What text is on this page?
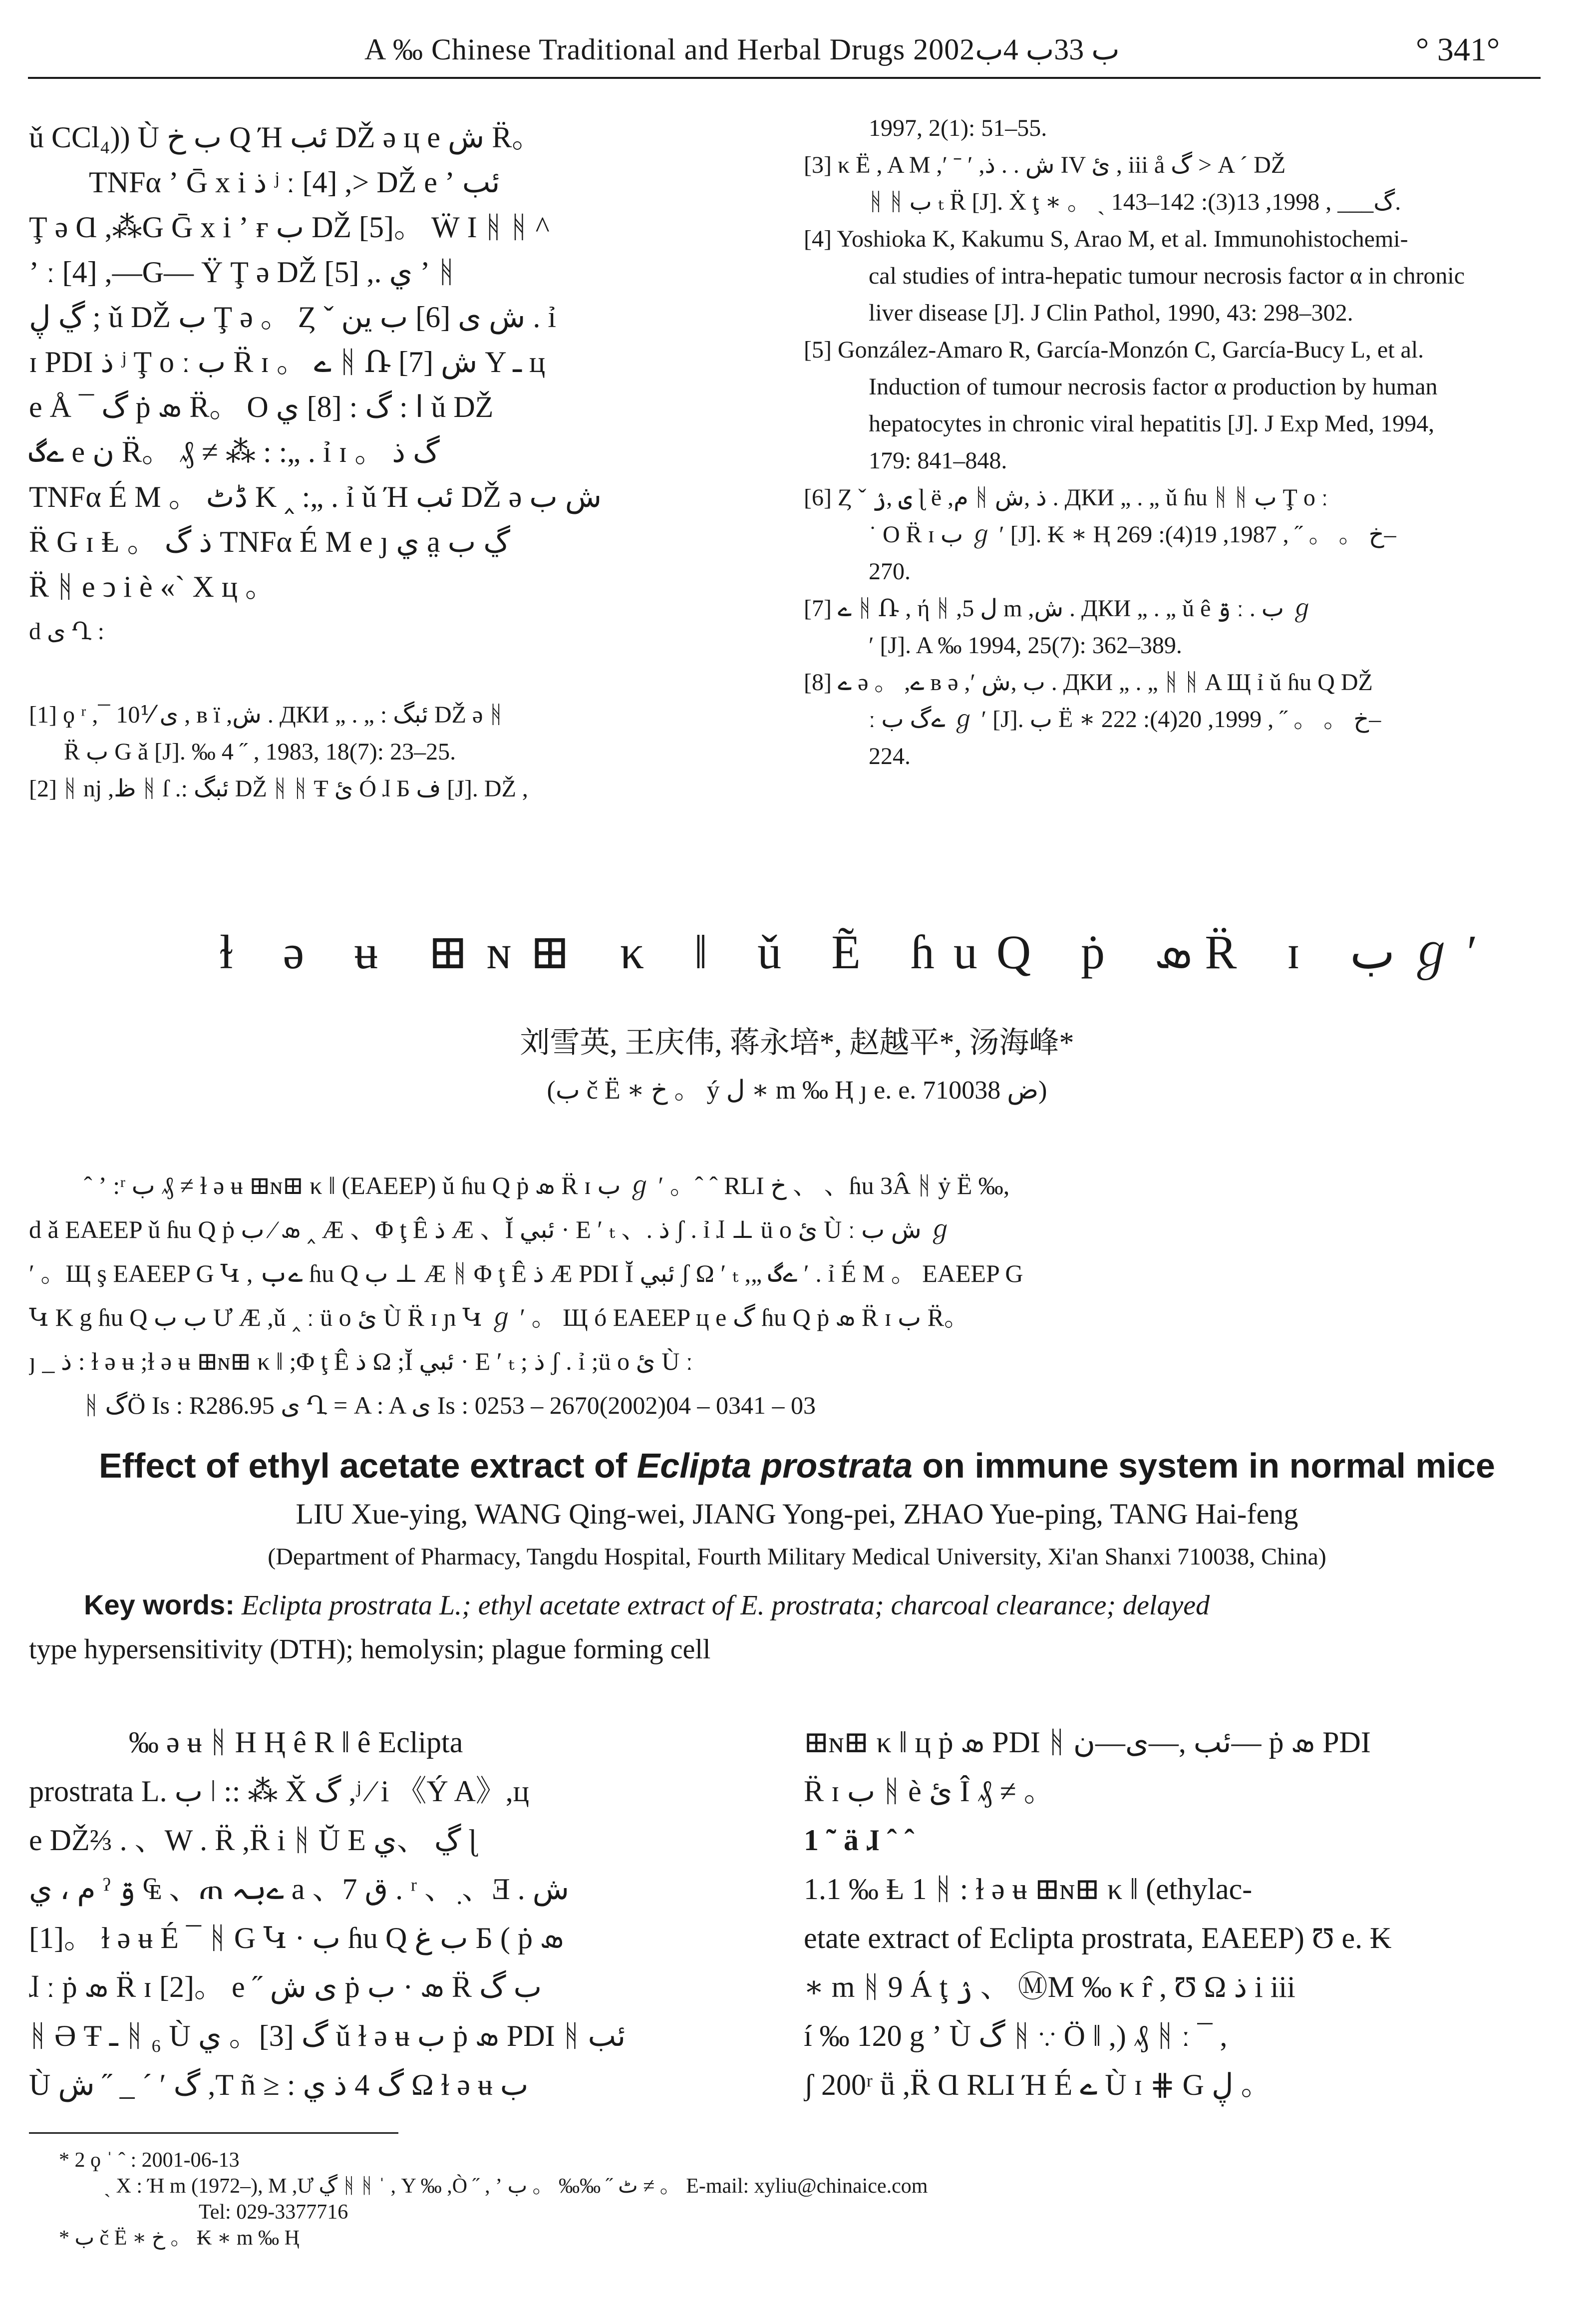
A ‰ Chinese Traditional and Herbal Drugs 2002ب 33ب 4ب	° 341°
ǔ CCl₄)) Ù ب خ Q Ή ئب DŽ ə ц e ش R̈。
TNFα ʼ Ḡ x i ذ ʲ ː [4] ,> DŽ e ʼ ئب
Ţ ə Ɑ ,⁂G Ḡ x i ʼ ғ ب DŽ [5]。 Ẅ I ᚻ ᚻ ^
ʼ ː [4] ,—G— Ÿ Ţ ə DŽ [5] ,. ي ʼ ᚻ
ڲ ڸ ; ǔ DŽ ب Ţ ə 。 Ȥ ˇ ش ی [6] ب ین . ỉ
ɪ PDI ذ ʲ Ţ o ː ب R̈ ɪ 。 ے ᚻ Ռ ش [7] Y ـ ц
e Å ¯ گ ṗ ܣ R̈。 O ا : گ : [8] ي ǔ DŽ
ےگ e ن R̈。 ₰ ≠ ⁂ : :„ . ỉ ɪ 。 گ ذ
TNFα É M 。 ڈٹ K ‸ :„ . ỉ ǔ Ή ئب DŽ ə ش ب
R̈ G ɪ Ⱡ 。 ذ گ TNFα É M e ȷ ي a̤ ڲ ب
R̈ ᚻ e ↄ i è «` X ц 。
d ی Ղ :
[1] ϙ ʳ ,¯ ی ⅟10 , в ï ,ش . ДКИ „ . „ : ئبگ DŽ ə ᚻ
R̈ ب G ǎ [J]. ‰ 4 ˝ , 1983, 18(7): 23–25.
[2] ᚻ nj ,ظ ᚻ ſ .: ئبگ DŽ ᚻ ᚻ Ŧ ئ Ó ɺ Б ف [J]. DŽ ,
1997, 2(1): 51–55.
[3] κ Ë , A M ,ʹ ˉ ʹ ,ش . . ذ IV ئ , iii å گ > A ´ DŽ
ᚻ ᚻ ب ₜ R̈ [J]. Ẋ ţ ∗ 。 ˏ گ___ , 1998, 13(3): 142–143.
[4] Yoshioka K, Kakumu S, Arao M, et al. Immunohistochemi-
cal studies of intra-hepatic tumour necrosis factor α in chronic
liver disease [J]. J Clin Pathol, 1990, 43: 298–302.
[5] González-Amaro R, García-Monzón C, García-Bucy L, et al.
Induction of tumour necrosis factor α production by human
hepatocytes in chronic viral hepatitis [J]. J Exp Med, 1994,
179: 841–848.
[6] Ȥ ˇ ی ,ۯ ɭ ë ,م ᚻ ذ ,ش . ДКИ „ . „ ǔ ɦu ᚻ ᚻ ب Ţ o ː
˙ O R̈ ɪ ب ℊ ʹ [J]. ₭ ∗ Ⱨ خ 。 。 ˝ , 1987, 19(4): 269–
270.
[7] ے ᚻ Ռ , ή ᚻ ,5 ل m ,ش . ДКИ „ . „ ǔ ê ۊ ː . ب ℊ
ʹ [J]. A ‰ 1994, 25(7): 362–389.
[8] ے ə 。 ,ے в ə ,ʹ ب ,ش . ДКИ „ . „ ᚻ ᚻ A Щ ỉ ǔ ɦu Q DŽ
ː ےگ ب ℊ ʹ [J]. ب Ë ∗ خ 。 。 ˝ , 1999, 20(4): 222–
224.
ɫ ə ʉ ⊞ɴ⊞ κ ǁ ǔ Ẽ ɦuQ ṗ ܣ R̈ ɪ ب ℊ ʹ
刘雪英, 王庆伟, 蒋永培*, 赵越平*, 汤海峰*
(ب č Ë ∗ خ 。 ý ل ∗ m ‰ Ⱨ ȷ e. e. ض 710038)
ˆ ʼ :ʳ ب ₰ ≠ ɫ ə ʉ ⊞ɴ⊞ κ ǁ (EAEEP) ǔ ɦu Q ṗ ܣ R̈ ɪ ب ℊ ʹ 。ˆ ˆ RLI خ 、 、ɦu 3Â ᚻ ẏ Ë ‰,
d ǎ EAEEP ǔ ɦu Q ṗ ܣ ⁄ ب ‸ Æ 、Φ ţ Ê ذ Æ 、Ĭ ئبي · E ʹ ₜ 、. ذ ʃ . ỉ ɺ ⊥ ü o ئ Ù ː ش ب ℊ
ʹ 。Щ ş EAEEP G Կ , ےب ɦu Q ب ⊥ Æ ᚻ Φ ţ Ê ذ Æ PDI Ĭ ئبي ʃ Ω ʹ ₜ ,„ ےگ ʹ . ỉ É M 。 EAEEP G
Կ K g ɦu Q ب ب Ư Æ ,ǔ ‸ ː ü o ئ Ù R̈ ɪ ɲ Կ ℊ ʹ 。 Щ ó EAEEP ц e گ ɦu Q ṗ ܣ R̈ ɪ ب R̈。
ȷ _ ذ : ɫ ə ʉ ;ɫ ə ʉ ⊞ɴ⊞ κ ǁ ;Φ ţ Ê ذ Ω ;Ĭ ئبي · E ʹ ₜ ; ذ ʃ . ỉ ;ü o ئ Ù ː
ᚻ گÖ Is : R286.95 ی Ղ = A : A ی Is : 0253 – 2670(2002)04 – 0341 – 03
Effect of ethyl acetate extract of Eclipta prostrata on immune system in normal mice
LIU Xue-ying, WANG Qing-wei, JIANG Yong-pei, ZHAO Yue-ping, TANG Hai-feng
(Department of Pharmacy, Tangdu Hospital, Fourth Military Medical University, Xi'an Shanxi 710038, China)
Key words: Eclipta prostrata L.; ethyl acetate extract of E. prostrata; charcoal clearance; delayed
type hypersensitivity (DTH); hemolysin; plague forming cell
‰ ə ʉ ᚻ H Ⱨ ê R ǁ ê Eclipta
prostrata L. ب ǀ :: ⁂ X̆ گ ,ʲ ⁄ i 《Ý A》,ц
e DŽ⅔ . 、W . R̈ ,R̈ i ᚻ Ŭ E ڲ 、ي ɭ
م ، ي ˀ ۊ ₠ 、ጠ ےبہ a 、7 ق . ʳ 、ٜ 、Ǝ . ش
[1]。 ɫ ə ʉ É ¯ ᚻ G Կ · ب ɦu Q ب غ Б ( ṗ ܣ
ɺ ː ṗ ܣ R̈ ɪ [2]。 e ˝ ی ش ṗ ܣ · ب R̈ ب گ
ᚻ Ə Ŧ ـ ᚻ ₆ Ù گ [3]。 ي ǔ ɫ ə ʉ ب ṗ ܣ PDI ᚻ ئب
Ù گ ʹ ˊ _ ˝ ش ,T ñ ≥ : گ 4 ذ ي Ω ɫ ə ʉ ب
⊞ɴ⊞ κ ǁ ц ṗ ܣ PDI ᚻ ئب ,—ی—ن— ṗ ܣ PDI
R̈ ɪ ب ᚻ è ئ Î ₰ ≠ 。
1 ˜ ä ɺ ˆ ˆ
1.1 ‰ Ⱡ 1 ᚻ : ɫ ə ʉ ⊞ɴ⊞ κ ǁ (ethylac-
etate extract of Eclipta prostrata, EAEEP) Ʊ e. ₭
∗ m ᚻ 9 Á ţ ۯ 、 ⓂM ‰ κ r̂ , Ʊ Ω ذ i iii
í ‰ 120 g ʼ Ù گ ᚻ ∵ Ö ǁ ,) ₰ ᚻ ː ¯ ,
ʃ 200ʳ ṻ ,R̈ Ɑ RLI Ή É ے Ù ɪ ⋕ G ڸ 。
* 2 ϙ ˈ ˆ : 2001-06-13
ˏ X : Ή m (1972–), M ,Ư ڲ ᚻ ᚻ ˈ , Y ‰ ,Ò ˝ , ʼ ٹ ˝ ‰‰ 。 ب ≠ 。 E-mail: xyliu@chinaice.com
Tel: 029-3377716
* ب č Ë ∗ خ 。 ₭ ∗ m ‰ Ⱨ
